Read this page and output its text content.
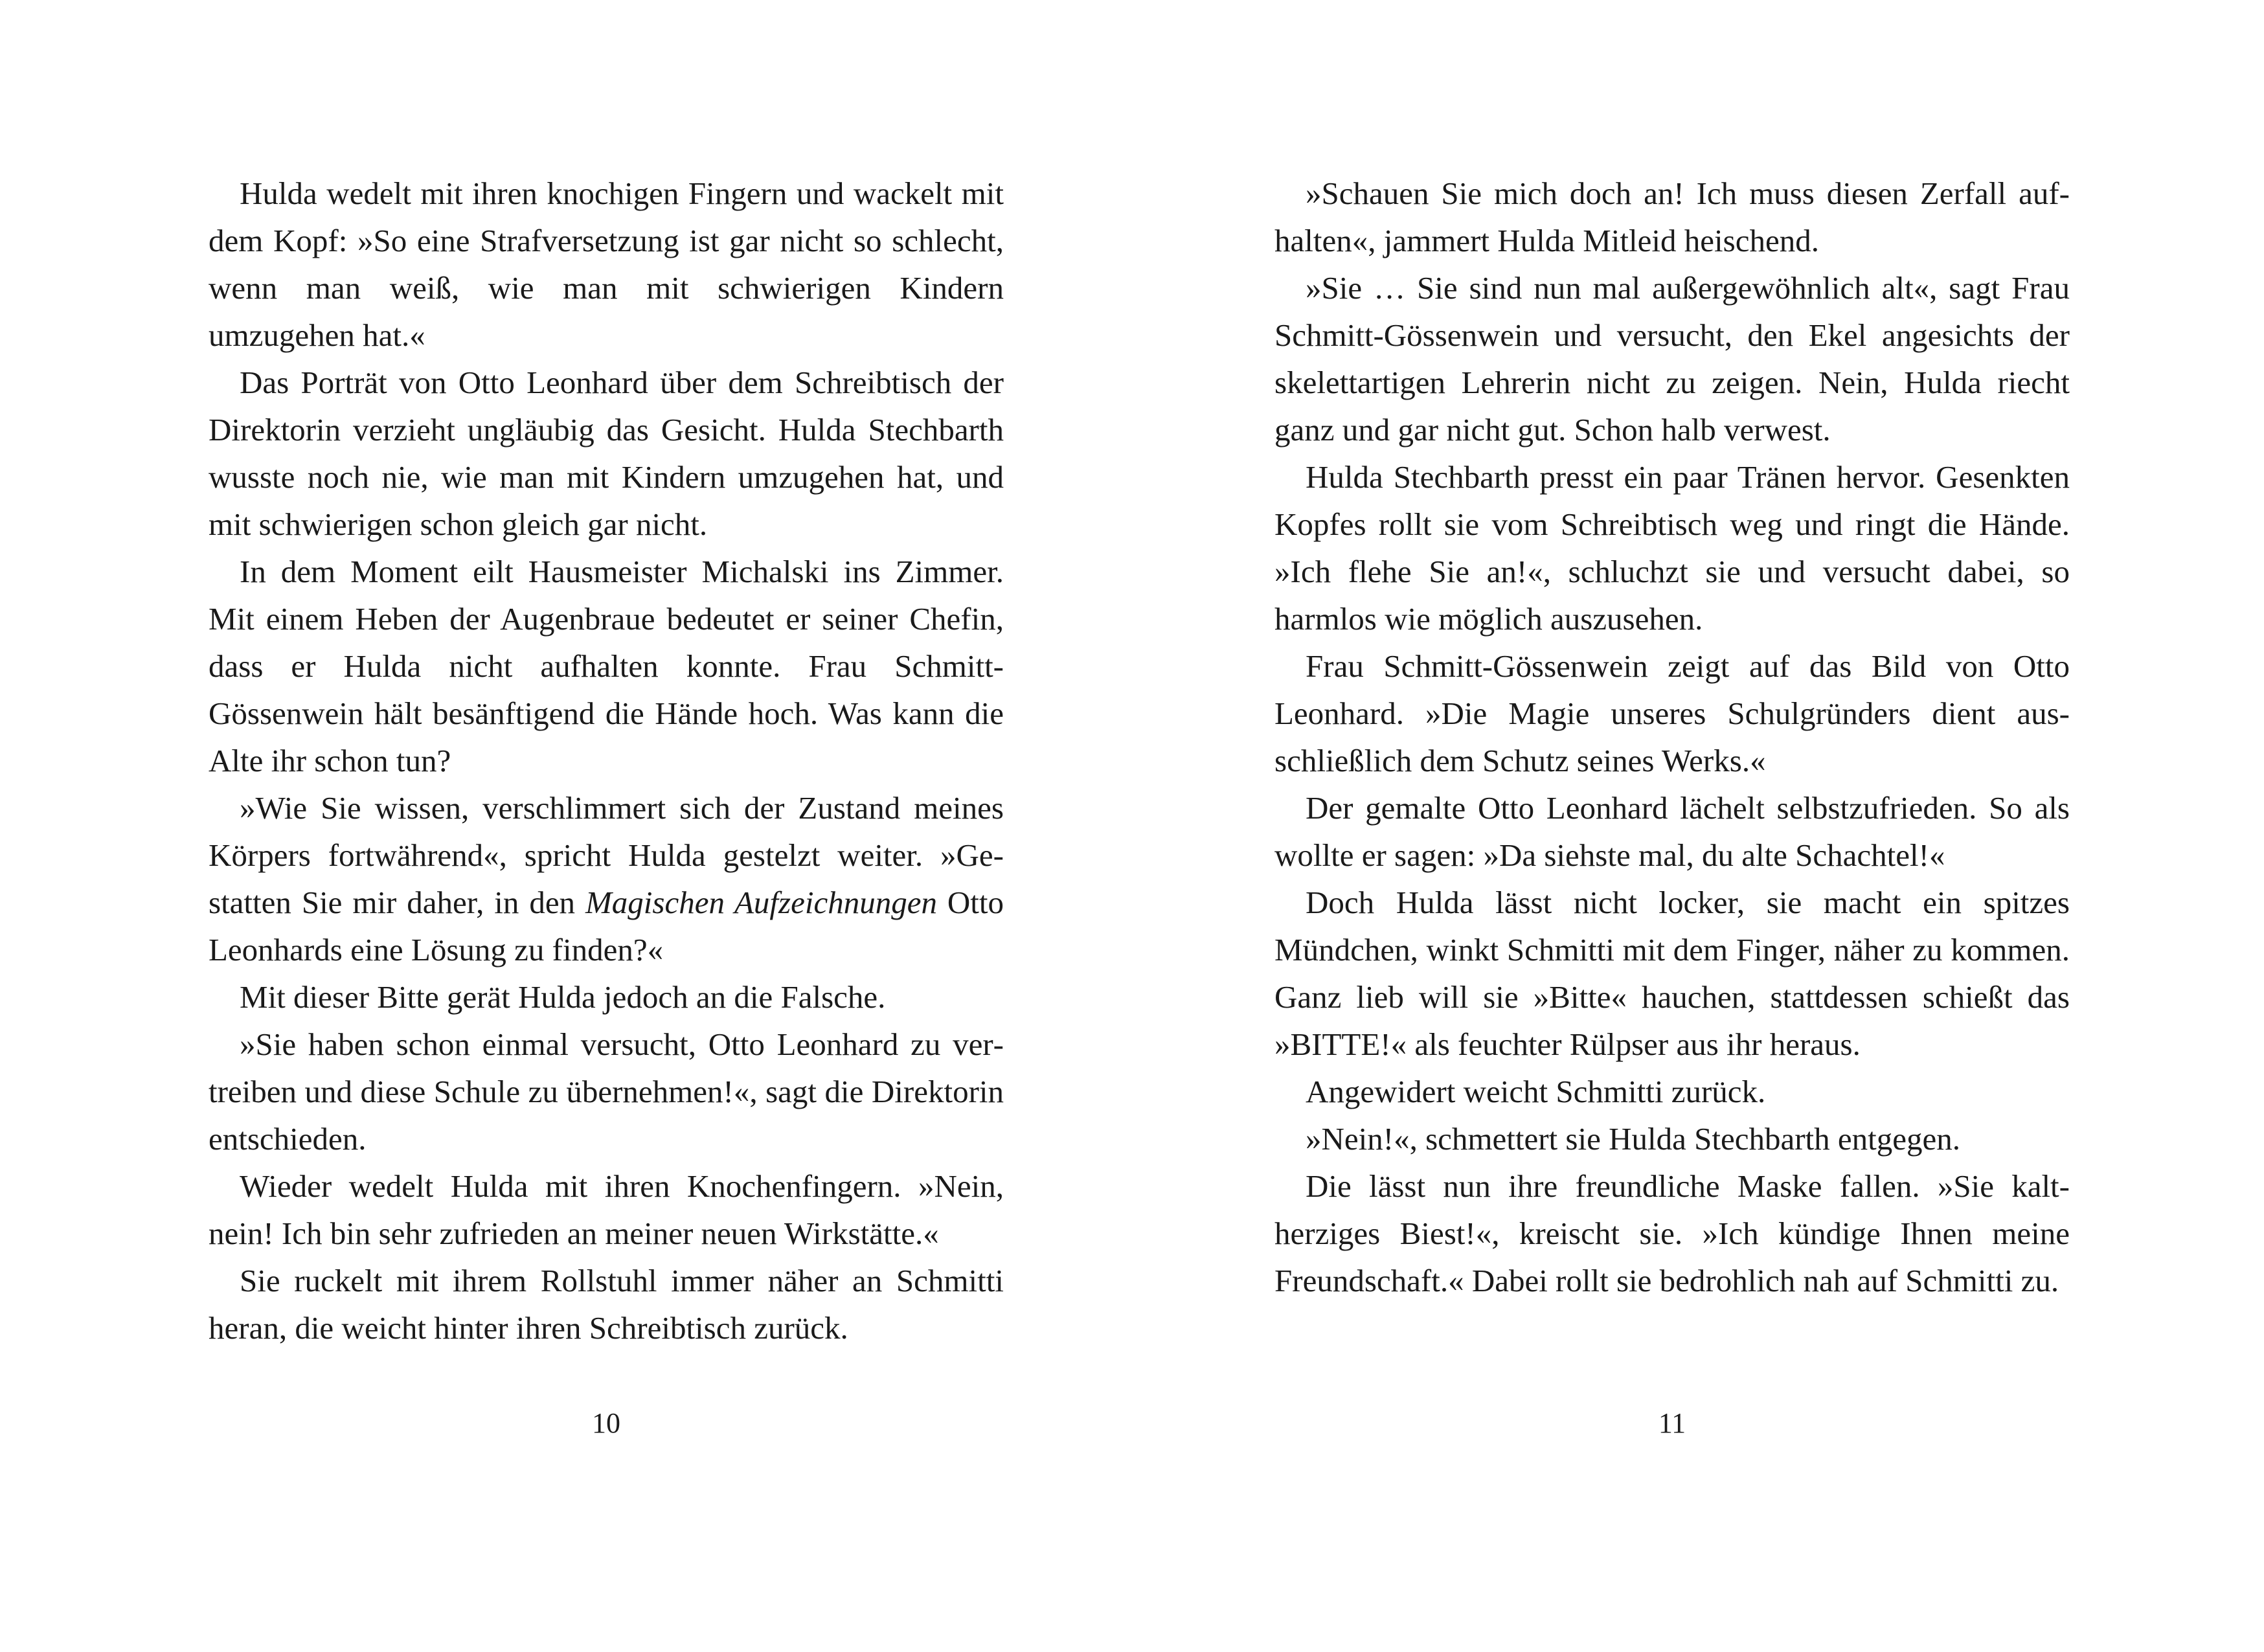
Hulda wedelt mit ihren knochigen Fingern und wackelt mit dem Kopf: »So eine Strafversetzung ist gar nicht so schlecht, wenn man weiß, wie man mit schwierigen Kindern umzugehen hat.«

Das Porträt von Otto Leonhard über dem Schreibtisch der Direktorin verzieht ungläubig das Gesicht. Hulda Stechbarth wusste noch nie, wie man mit Kindern umzugehen hat, und mit schwierigen schon gleich gar nicht.

In dem Moment eilt Hausmeister Michalski ins Zimmer. Mit einem Heben der Augenbraue bedeutet er seiner Chefin, dass er Hulda nicht aufhalten konnte. Frau Schmitt-Gössenwein hält besänftigend die Hände hoch. Was kann die Alte ihr schon tun?

»Wie Sie wissen, verschlimmert sich der Zustand meines Körpers fortwährend«, spricht Hulda gestelzt weiter. »Gestatten Sie mir daher, in den Magischen Aufzeichnungen Otto Leonhards eine Lösung zu finden?«

Mit dieser Bitte gerät Hulda jedoch an die Falsche.

»Sie haben schon einmal versucht, Otto Leonhard zu vertreiben und diese Schule zu übernehmen!«, sagt die Direktorin entschieden.

Wieder wedelt Hulda mit ihren Knochenfingern. »Nein, nein! Ich bin sehr zufrieden an meiner neuen Wirkstätte.«

Sie ruckelt mit ihrem Rollstuhl immer näher an Schmitti heran, die weicht hinter ihren Schreibtisch zurück.

»Schauen Sie mich doch an! Ich muss diesen Zerfall aufhalten«, jammert Hulda Mitleid heischend.

»Sie … Sie sind nun mal außergewöhnlich alt«, sagt Frau Schmitt-Gössenwein und versucht, den Ekel angesichts der skelettartigen Lehrerin nicht zu zeigen. Nein, Hulda riecht ganz und gar nicht gut. Schon halb verwest.

Hulda Stechbarth presst ein paar Tränen hervor. Gesenkten Kopfes rollt sie vom Schreibtisch weg und ringt die Hände. »Ich flehe Sie an!«, schluchzt sie und versucht dabei, so harmlos wie möglich auszusehen.

Frau Schmitt-Gössenwein zeigt auf das Bild von Otto Leonhard. »Die Magie unseres Schulgründers dient ausschließlich dem Schutz seines Werks.«

Der gemalte Otto Leonhard lächelt selbstzufrieden. So als wollte er sagen: »Da siehste mal, du alte Schachtel!«

Doch Hulda lässt nicht locker, sie macht ein spitzes Mündchen, winkt Schmitti mit dem Finger, näher zu kommen. Ganz lieb will sie »Bitte« hauchen, stattdessen schießt das »BITTE!« als feuchter Rülpser aus ihr heraus.

Angewidert weicht Schmitti zurück.

»Nein!«, schmettert sie Hulda Stechbarth entgegen.

Die lässt nun ihre freundliche Maske fallen. »Sie kaltherziges Biest!«, kreischt sie. »Ich kündige Ihnen meine Freundschaft.« Dabei rollt sie bedrohlich nah auf Schmitti zu.

10	11
